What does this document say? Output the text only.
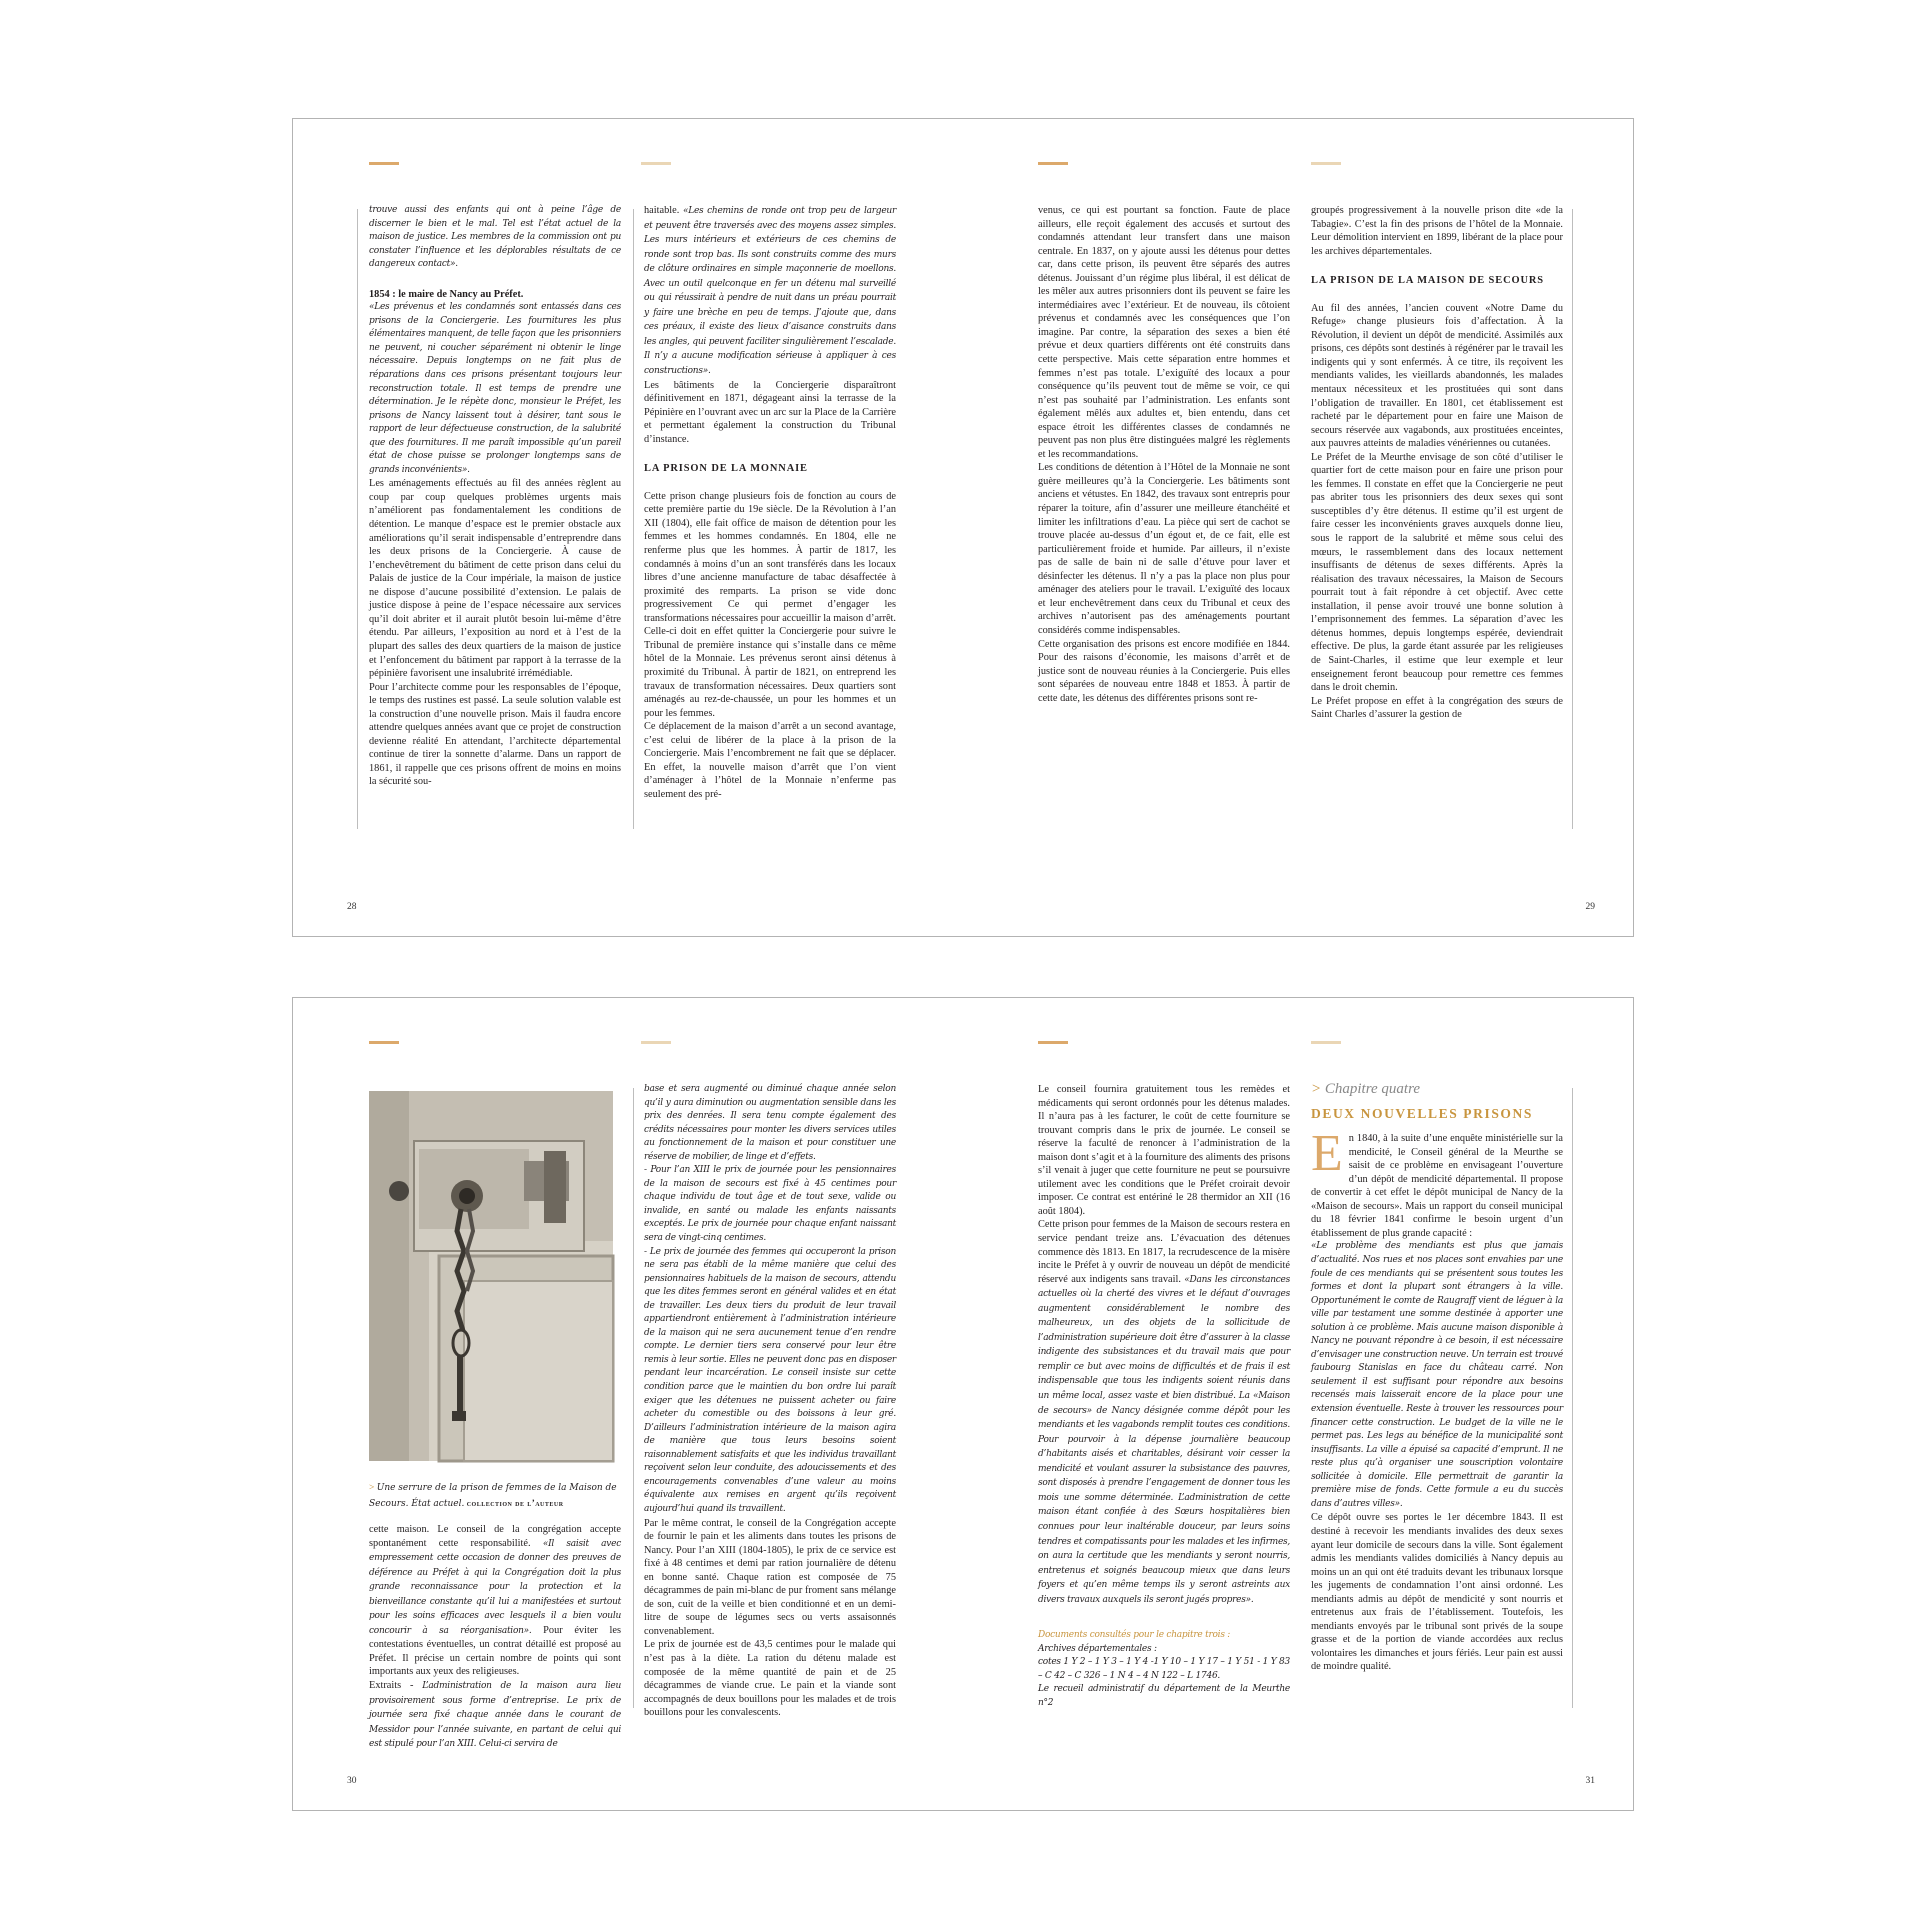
trouve aussi des enfants qui ont à peine l’âge de discerner le bien et le mal. Tel est l’état actuel de la maison de justice. Les membres de la commission ont pu constater l’influence et les déplorables résultats de ce dangereux contact».

1854 : le maire de Nancy au Préfet.

«Les prévenus et les condamnés sont entassés dans ces prisons de la Conciergerie. Les fournitures les plus élémentaires manquent, de telle façon que les prisonniers ne peuvent, ni coucher séparément ni obtenir le linge nécessaire. Depuis longtemps on ne fait plus de réparations dans ces prisons présentant toujours leur reconstruction totale. Il est temps de prendre une détermination. Je le répète donc, monsieur le Préfet, les prisons de Nancy laissent tout à désirer, tant sous le rapport de leur défectueuse construction, de la salubrité que des fournitures. Il me paraît impossible qu’un pareil état de chose puisse se prolonger longtemps sans de grands inconvénients».

Les aménagements effectués au fil des années règlent au coup par coup quelques problèmes urgents mais n’améliorent pas fondamentalement les conditions de détention. Le manque d’espace est le premier obstacle aux améliorations qu’il serait indispensable d’entreprendre dans les deux prisons de la Conciergerie. À cause de l’enchevêtrement du bâtiment de cette prison dans celui du Palais de justice de la Cour impériale, la maison de justice ne dispose d’aucune possibilité d’extension. Le palais de justice dispose à peine de l’espace nécessaire aux services qu’il doit abriter et il aurait plutôt besoin lui-même d’être étendu. Par ailleurs, l’exposition au nord et à l’est de la plupart des salles des deux quartiers de la maison de justice et l’enfoncement du bâtiment par rapport à la terrasse de la pépinière favorisent une insalubrité irrémédiable.

Pour l’architecte comme pour les responsables de l’époque, le temps des rustines est passé. La seule solution valable est la construction d’une nouvelle prison. Mais il faudra encore attendre quelques années avant que ce projet de construction devienne réalité En attendant, l’architecte départemental continue de tirer la sonnette d’alarme. Dans un rapport de 1861, il rappelle que ces prisons offrent de moins en moins la sécurité sou-

haitable. «Les chemins de ronde ont trop peu de largeur et peuvent être traversés avec des moyens assez simples. Les murs intérieurs et extérieurs de ces chemins de ronde sont trop bas. Ils sont construits comme des murs de clôture ordinaires en simple maçonnerie de moellons. Avec un outil quelconque en fer un détenu mal surveillé ou qui réussirait à pendre de nuit dans un préau pourrait y faire une brèche en peu de temps. J’ajoute que, dans ces préaux, il existe des lieux d’aisance construits dans les angles, qui peuvent faciliter singulièrement l’escalade. Il n’y a aucune modification sérieuse à appliquer à ces constructions».

Les bâtiments de la Conciergerie disparaîtront définitivement en 1871, dégageant ainsi la terrasse de la Pépinière en l’ouvrant avec un arc sur la Place de la Carrière et permettant également la construction du Tribunal d’instance.

LA PRISON DE LA MONNAIE

Cette prison change plusieurs fois de fonction au cours de cette première partie du 19e siècle. De la Révolution à l’an XII (1804), elle fait office de maison de détention pour les femmes et les hommes condamnés. En 1804, elle ne renferme plus que les hommes. À partir de 1817, les condamnés à moins d’un an sont transférés dans les locaux libres d’une ancienne manufacture de tabac désaffectée à proximité des remparts. La prison se vide donc progressivement Ce qui permet d’engager les transformations nécessaires pour accueillir la maison d’arrêt. Celle-ci doit en effet quitter la Conciergerie pour suivre le Tribunal de première instance qui s’installe dans ce même hôtel de la Monnaie. Les prévenus seront ainsi détenus à proximité du Tribunal. À partir de 1821, on entreprend les travaux de transformation nécessaires. Deux quartiers sont aménagés au rez-de-chaussée, un pour les hommes et un pour les femmes.

Ce déplacement de la maison d’arrêt a un second avantage, c’est celui de libérer de la place à la prison de la Conciergerie. Mais l’encombrement ne fait que se déplacer. En effet, la nouvelle maison d’arrêt que l’on vient d’aménager à l’hôtel de la Monnaie n’enferme pas seulement des pré-

venus, ce qui est pourtant sa fonction. Faute de place ailleurs, elle reçoit également des accusés et surtout des condamnés attendant leur transfert dans une maison centrale. En 1837, on y ajoute aussi les détenus pour dettes car, dans cette prison, ils peuvent être séparés des autres détenus. Jouissant d’un régime plus libéral, il est délicat de les mêler aux autres prisonniers dont ils peuvent se faire les intermédiaires avec l’extérieur. Et de nouveau, ils côtoient prévenus et condamnés avec les conséquences que l’on imagine. Par contre, la séparation des sexes a bien été prévue et deux quartiers différents ont été construits dans cette perspective. Mais cette séparation entre hommes et femmes n’est pas totale. L’exiguïté des locaux a pour conséquence qu’ils peuvent tout de même se voir, ce qui n’est pas souhaité par l’administration. Les enfants sont également mêlés aux adultes et, bien entendu, dans cet espace étroit les différentes classes de condamnés ne peuvent pas non plus être distinguées malgré les règlements et les recommandations.

Les conditions de détention à l’Hôtel de la Monnaie ne sont guère meilleures qu’à la Conciergerie. Les bâtiments sont anciens et vétustes. En 1842, des travaux sont entrepris pour réparer la toiture, afin d’assurer une meilleure étanchéité et limiter les infiltrations d’eau. La pièce qui sert de cachot se trouve placée au-dessus d’un égout et, de ce fait, elle est particulièrement froide et humide. Par ailleurs, il n’existe pas de salle de bain ni de salle d’étuve pour laver et désinfecter les détenus. Il n’y a pas la place non plus pour aménager des ateliers pour le travail. L’exiguïté des locaux et leur enchevêtrement dans ceux du Tribunal et ceux des archives n’autorisent pas des aménagements pourtant considérés comme indispensables.

Cette organisation des prisons est encore modifiée en 1844. Pour des raisons d’économie, les maisons d’arrêt et de justice sont de nouveau réunies à la Conciergerie. Puis elles sont séparées de nouveau entre 1848 et 1853. À partir de cette date, les détenus des différentes prisons sont re-

groupés progressivement à la nouvelle prison dite «de la Tabagie». C’est la fin des prisons de l’hôtel de la Monnaie. Leur démolition intervient en 1899, libérant de la place pour les archives départementales.

LA PRISON DE LA MAISON DE SECOURS

Au fil des années, l’ancien couvent «Notre Dame du Refuge» change plusieurs fois d’affectation. À la Révolution, il devient un dépôt de mendicité. Assimilés aux prisons, ces dépôts sont destinés à régénérer par le travail les indigents qui y sont enfermés. À ce titre, ils reçoivent les mendiants valides, les vieillards abandonnés, les malades mentaux nécessiteux et les prostituées qui sont dans l’obligation de travailler. En 1801, cet établissement est racheté par le département pour en faire une Maison de secours réservée aux vagabonds, aux prostituées enceintes, aux pauvres atteints de maladies vénériennes ou cutanées.

Le Préfet de la Meurthe envisage de son côté d’utiliser le quartier fort de cette maison pour en faire une prison pour les femmes. Il constate en effet que la Conciergerie ne peut pas abriter tous les prisonniers des deux sexes qui sont susceptibles d’y être détenus. Il estime qu’il est urgent de faire cesser les inconvénients graves auxquels donne lieu, sous le rapport de la salubrité et même sous celui des mœurs, le rassemblement dans des locaux nettement insuffisants de détenus de sexes différents. Après la réalisation des travaux nécessaires, la Maison de Secours pourrait tout à fait répondre à cet objectif. Avec cette installation, il pense avoir trouvé une bonne solution à l’emprisonnement des femmes. La séparation d’avec les détenus hommes, depuis longtemps espérée, deviendrait effective. De plus, la garde étant assurée par les religieuses de Saint-Charles, il estime que leur exemple et leur enseignement feront beaucoup pour remettre ces femmes dans le droit chemin.

Le Préfet propose en effet à la congrégation des sœurs de Saint Charles d’assurer la gestion de

28	29
> Une serrure de la prison de femmes de la Maison de Secours. État actuel. collection de l’auteur

cette maison. Le conseil de la congrégation accepte spontanément cette responsabilité. «Il saisit avec empressement cette occasion de donner des preuves de déférence au Préfet à qui la Congrégation doit la plus grande reconnaissance pour la protection et la bienveillance constante qu’il lui a manifestées et surtout pour les soins efficaces avec lesquels il a bien voulu concourir à sa réorganisation». Pour éviter les contestations éventuelles, un contrat détaillé est proposé au Préfet. Il précise un certain nombre de points qui sont importants aux yeux des religieuses.

Extraits - L’administration de la maison aura lieu provisoirement sous forme d’entreprise. Le prix de journée sera fixé chaque année dans le courant de Messidor pour l’année suivante, en partant de celui qui est stipulé pour l’an XIII. Celui-ci servira de

base et sera augmenté ou diminué chaque année selon qu’il y aura diminution ou augmentation sensible dans les prix des denrées. Il sera tenu compte également des crédits nécessaires pour monter les divers services utiles au fonctionnement de la maison et pour constituer une réserve de mobilier, de linge et d’effets.

- Pour l’an XIII le prix de journée pour les pensionnaires de la maison de secours est fixé à 45 centimes pour chaque individu de tout âge et de tout sexe, valide ou invalide, en santé ou malade les enfants naissants exceptés. Le prix de journée pour chaque enfant naissant sera de vingt-cinq centimes.

- Le prix de journée des femmes qui occuperont la prison ne sera pas établi de la même manière que celui des pensionnaires habituels de la maison de secours, attendu que les dites femmes seront en général valides et en état de travailler. Les deux tiers du produit de leur travail appartiendront entièrement à l’administration intérieure de la maison qui ne sera aucunement tenue d’en rendre compte. Le dernier tiers sera conservé pour leur être remis à leur sortie. Elles ne peuvent donc pas en disposer pendant leur incarcération. Le conseil insiste sur cette condition parce que le maintien du bon ordre lui paraît exiger que les détenues ne puissent acheter ou faire acheter du comestible ou des boissons à leur gré. D’ailleurs l’administration intérieure de la maison agira de manière que tous leurs besoins soient raisonnablement satisfaits et que les individus travaillant reçoivent selon leur conduite, des adoucissements et des encouragements convenables d’une valeur au moins équivalente aux remises en argent qu’ils reçoivent aujourd’hui quand ils travaillent.

Par le même contrat, le conseil de la Congrégation accepte de fournir le pain et les aliments dans toutes les prisons de Nancy. Pour l’an XIII (1804-1805), le prix de ce service est fixé à 48 centimes et demi par ration journalière de détenu en bonne santé. Chaque ration est composée de 75 décagrammes de pain mi-blanc de pur froment sans mélange de son, cuit de la veille et bien conditionné et en un demi-litre de soupe de légumes secs ou verts assaisonnés convenablement.

Le prix de journée est de 43,5 centimes pour le malade qui n’est pas à la diète. La ration du détenu malade est composée de la même quantité de pain et de 25 décagrammes de viande crue. Le pain et la viande sont accompagnés de deux bouillons pour les malades et de trois bouillons pour les convalescents.

Le conseil fournira gratuitement tous les remèdes et médicaments qui seront ordonnés pour les détenus malades. Il n’aura pas à les facturer, le coût de cette fourniture se trouvant compris dans le prix de journée. Le conseil se réserve la faculté de renoncer à l’administration de la maison dont s’agit et à la fourniture des aliments des prisons s’il venait à juger que cette fourniture ne peut se poursuivre utilement avec les conditions que le Préfet croirait devoir imposer. Ce contrat est entériné le 28 thermidor an XII (16 août 1804).

Cette prison pour femmes de la Maison de secours restera en service pendant treize ans. L’évacuation des détenues commence dès 1813. En 1817, la recrudescence de la misère incite le Préfet à y ouvrir de nouveau un dépôt de mendicité réservé aux indigents sans travail. «Dans les circonstances actuelles où la cherté des vivres et le défaut d’ouvrages augmentent considérablement le nombre des malheureux, un des objets de la sollicitude de l’administration supérieure doit être d’assurer à la classe indigente des subsistances et du travail mais que pour remplir ce but avec moins de difficultés et de frais il est indispensable que tous les indigents soient réunis dans un même local, assez vaste et bien distribué. La «Maison de secours» de Nancy désignée comme dépôt pour les mendiants et les vagabonds remplit toutes ces conditions. Pour pourvoir à la dépense journalière beaucoup d’habitants aisés et charitables, désirant voir cesser la mendicité et voulant assurer la subsistance des pauvres, sont disposés à prendre l’engagement de donner tous les mois une somme déterminée. L’administration de cette maison étant confiée à des Sœurs hospitalières bien connues pour leur inaltérable douceur, par leurs soins tendres et compatissants pour les malades et les infirmes, on aura la certitude que les mendiants y seront nourris, entretenus et soignés beaucoup mieux que dans leurs foyers et qu’en même temps ils y seront astreints aux divers travaux auxquels ils seront jugés propres».

Documents consultés pour le chapitre trois :

Archives départementales :

cotes 1 Y 2 – 1 Y 3 – 1 Y 4 -1 Y 10 – 1 Y 17 – 1 Y 51 - 1 Y 83 – C 42 – C 326 – 1 N 4 – 4 N 122 – L 1746.

Le recueil administratif du département de la Meurthe n°2

> Chapitre quatre
DEUX NOUVELLES PRISONS

En 1840, à la suite d’une enquête ministérielle sur la mendicité, le Conseil général de la Meurthe se saisit de ce problème en envisageant l’ouverture d’un dépôt de mendicité départemental. Il propose de convertir à cet effet le dépôt municipal de Nancy de la «Maison de secours». Mais un rapport du conseil municipal du 18 février 1841 confirme le besoin urgent d’un établissement de plus grande capacité :

«Le problème des mendiants est plus que jamais d’actualité. Nos rues et nos places sont envahies par une foule de ces mendiants qui se présentent sous toutes les formes et dont la plupart sont étrangers à la ville. Opportunément le comte de Raugraff vient de léguer à la ville par testament une somme destinée à apporter une solution à ce problème. Mais aucune maison disponible à Nancy ne pouvant répondre à ce besoin, il est nécessaire d’envisager une construction neuve. Un terrain est trouvé faubourg Stanislas en face du château carré. Non seulement il est suffisant pour répondre aux besoins recensés mais laisserait encore de la place pour une extension éventuelle. Reste à trouver les ressources pour financer cette construction. Le budget de la ville ne le permet pas. Les legs au bénéfice de la municipalité sont insuffisants. La ville a épuisé sa capacité d’emprunt. Il ne reste plus qu’à organiser une souscription volontaire sollicitée à domicile. Elle permettrait de garantir la première mise de fonds. Cette formule a eu du succès dans d’autres villes».

Ce dépôt ouvre ses portes le 1er décembre 1843. Il est destiné à recevoir les mendiants invalides des deux sexes ayant leur domicile de secours dans la ville. Sont également admis les mendiants valides domiciliés à Nancy depuis au moins un an qui ont été traduits devant les tribunaux lorsque les jugements de condamnation l’ont ainsi ordonné. Les mendiants admis au dépôt de mendicité y sont nourris et entretenus aux frais de l’établissement. Toutefois, les mendiants envoyés par le tribunal sont privés de la soupe grasse et de la portion de viande accordées aux reclus volontaires les dimanches et jours fériés. Leur pain est aussi de moindre qualité.

30	31
